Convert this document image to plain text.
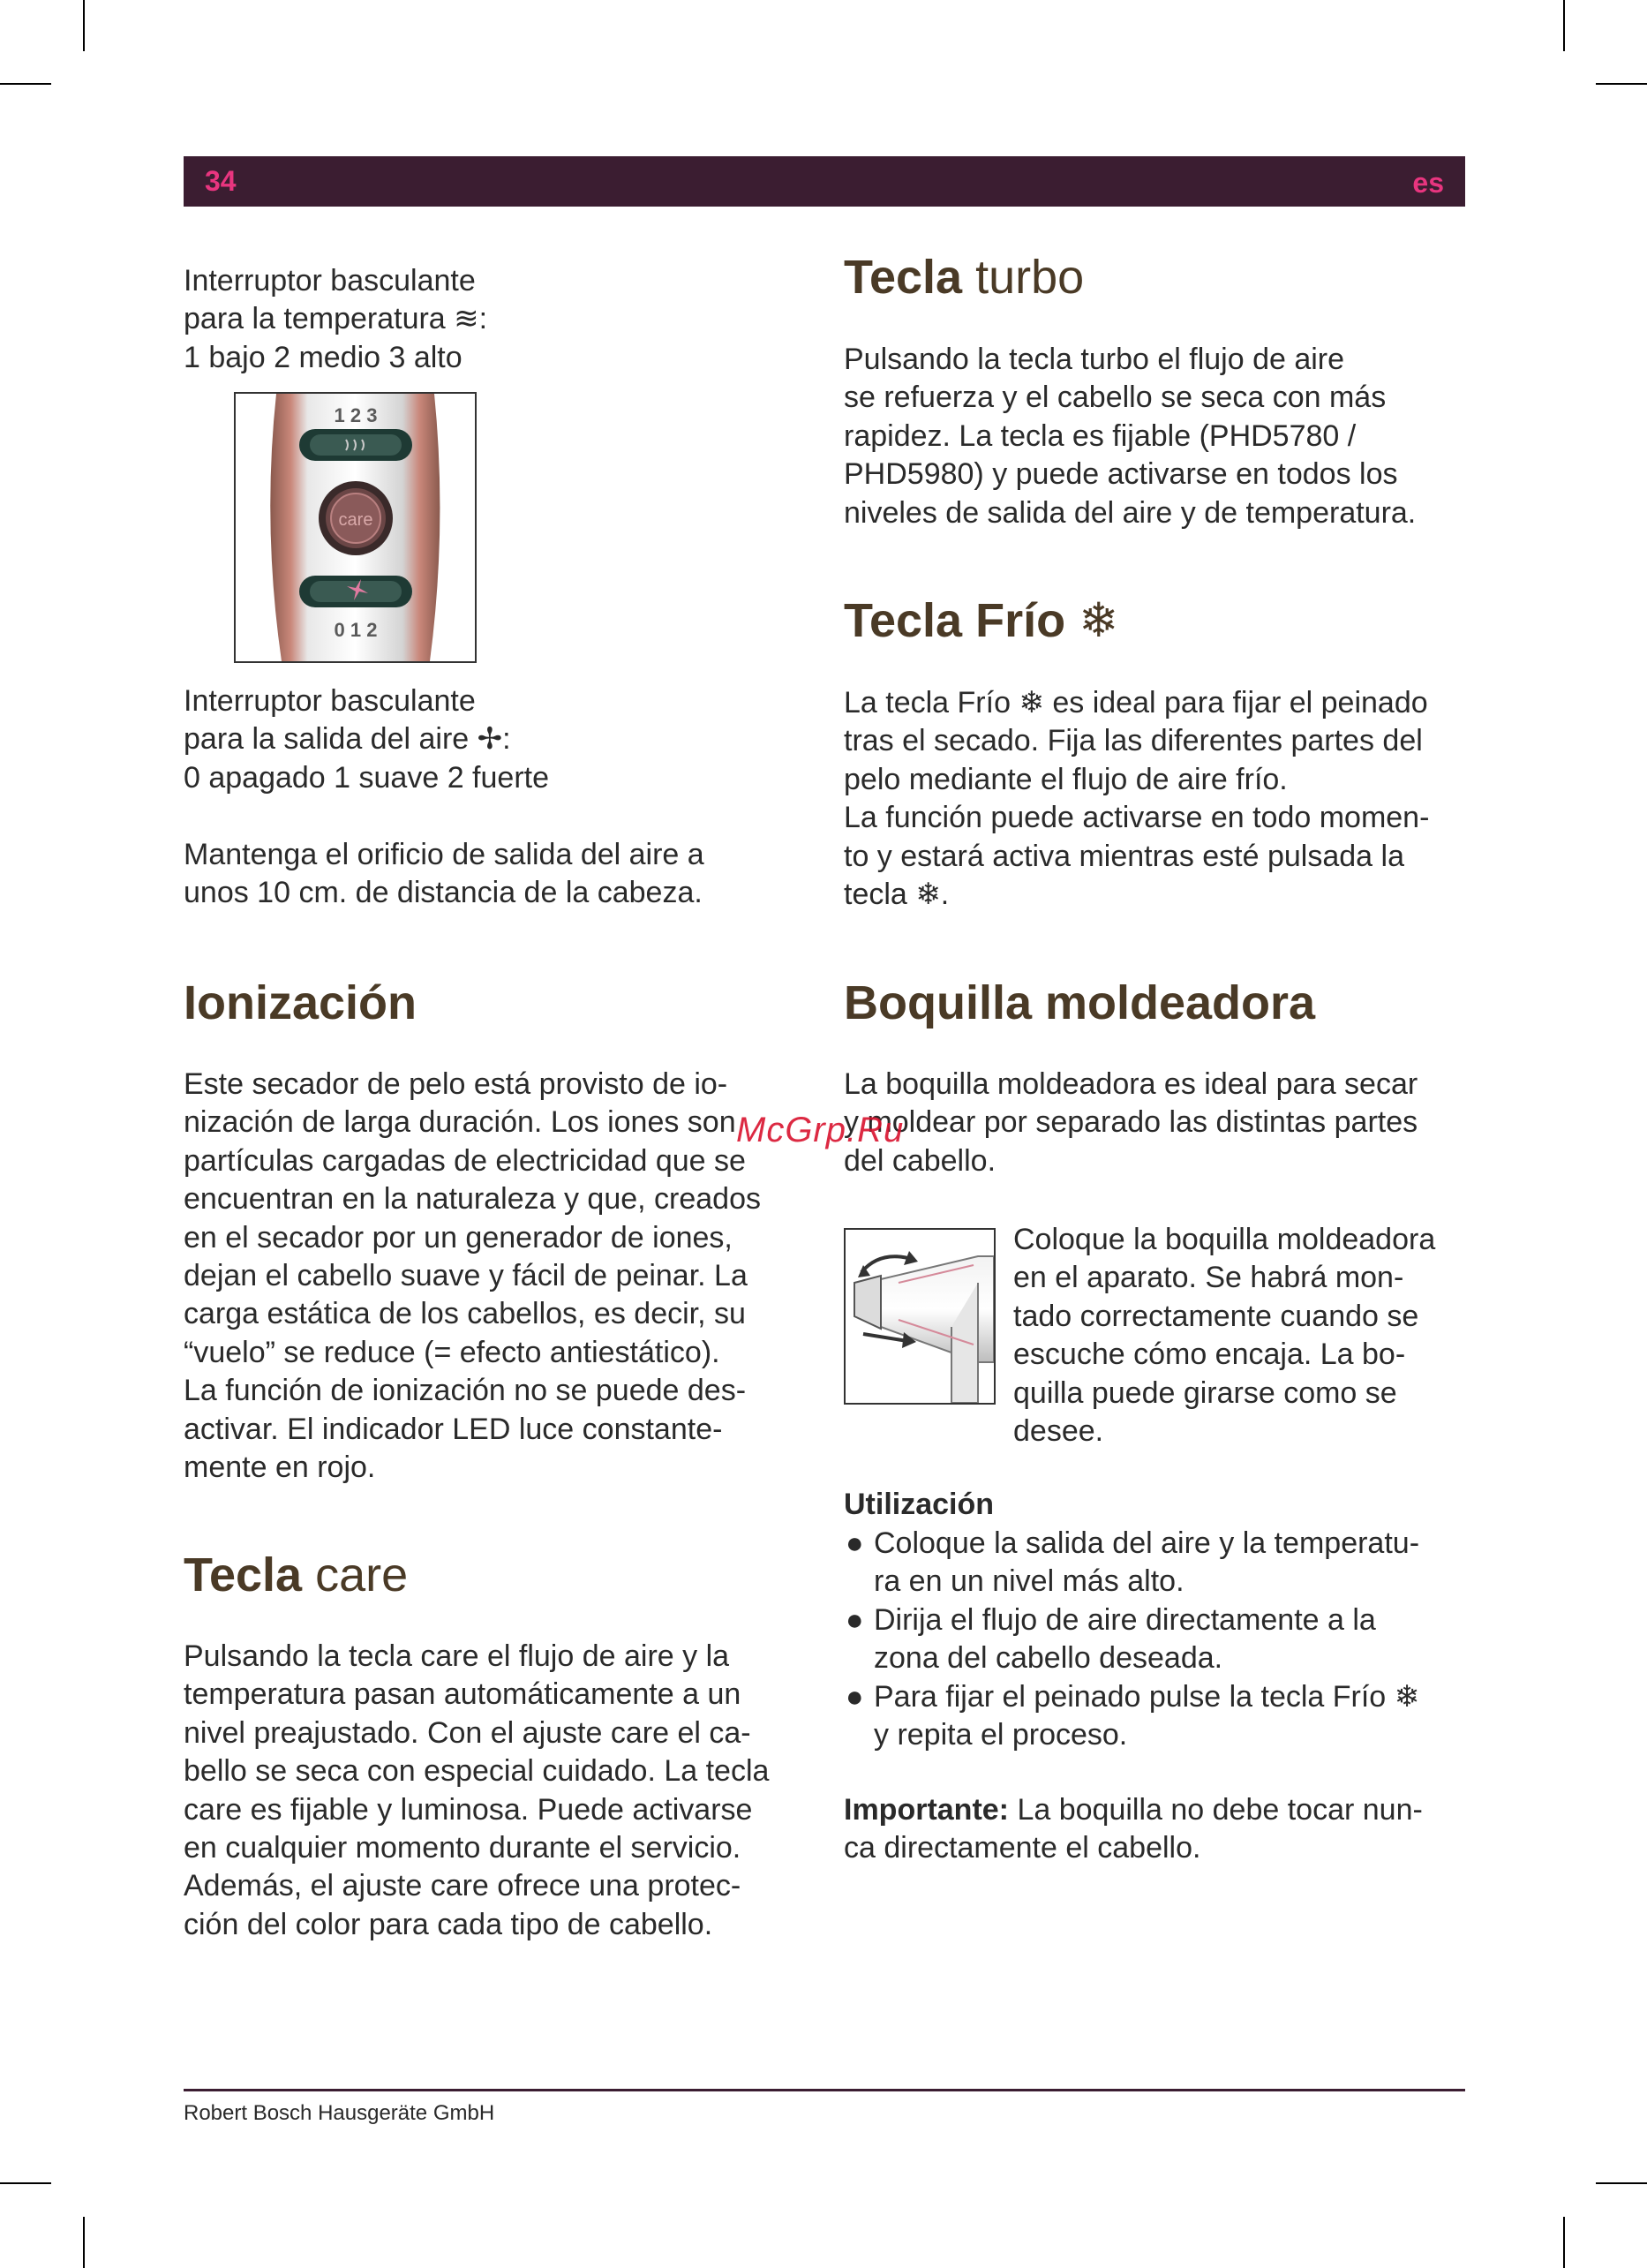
34	es

Interruptor basculante
para la temperatura ≋:
1 bajo 2 medio 3 alto

1 2 3
care
0 1 2

Interruptor basculante
para la salida del aire ✢:
0 apagado 1 suave 2 fuerte

Mantenga el orificio de salida del aire a
unos 10 cm. de distancia de la cabeza.

Ionización

Este secador de pelo está provisto de io-
nización de larga duración. Los iones son
partículas cargadas de electricidad que se
encuentran en la naturaleza y que, creados
en el secador por un generador de iones,
dejan el cabello suave y fácil de peinar. La
carga estática de los cabellos, es decir, su
“vuelo” se reduce (= efecto antiestático).
La función de ionización no se puede des-
activar. El indicador LED luce constante-
mente en rojo.

Tecla care

Pulsando la tecla care el flujo de aire y la
temperatura pasan automáticamente a un
nivel preajustado. Con el ajuste care el ca-
bello se seca con especial cuidado. La tecla
care es fijable y luminosa. Puede activarse
en cualquier momento durante el servicio.
Además, el ajuste care ofrece una protec-
ción del color para cada tipo de cabello.

Tecla turbo

Pulsando la tecla turbo el flujo de aire
se refuerza y el cabello se seca con más
rapidez. La tecla es fijable (PHD5780 /
PHD5980) y puede activarse en todos los
niveles de salida del aire y de temperatura.

Tecla Frío ❄

La tecla Frío ❄ es ideal para fijar el peinado
tras el secado. Fija las diferentes partes del
pelo mediante el flujo de aire frío.
La función puede activarse en todo momen-
to y estará activa mientras esté pulsada la
tecla ❄.

Boquilla moldeadora

La boquilla moldeadora es ideal para secar
y moldear por separado las distintas partes
del cabello.

Coloque la boquilla moldeadora
en el aparato. Se habrá mon-
tado correctamente cuando se
escuche cómo encaja. La bo-
quilla puede girarse como se
desee.

Utilización
● Coloque la salida del aire y la temperatu-
ra en un nivel más alto.
● Dirija el flujo de aire directamente a la
zona del cabello deseada.
● Para fijar el peinado pulse la tecla Frío ❄
y repita el proceso.

Importante: La boquilla no debe tocar nun-
ca directamente el cabello.

McGrp.Ru
Robert Bosch Hausgeräte GmbH
